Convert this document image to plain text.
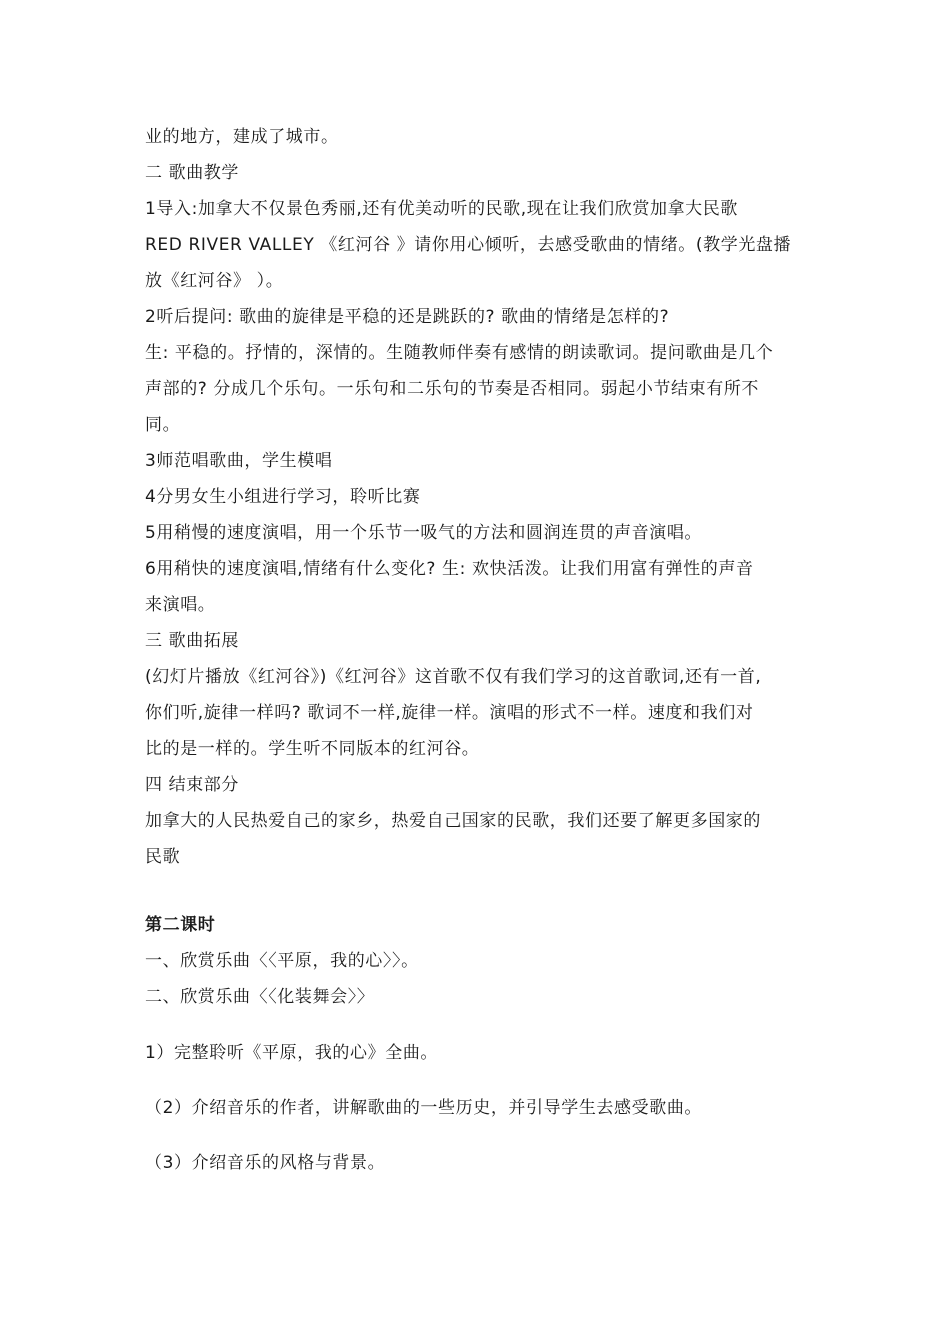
业的地方，建成了城市。
二 歌曲教学
1导入:加拿大不仅景色秀丽,还有优美动听的民歌,现在让我们欣赏加拿大民歌
RED RIVER VALLEY 《红河谷 》请你用心倾听，去感受歌曲的情绪。(教学光盘播
放《红河谷》 ）。
2听后提问: 歌曲的旋律是平稳的还是跳跃的? 歌曲的情绪是怎样的?
生: 平稳的。抒情的，深情的。生随教师伴奏有感情的朗读歌词。提问歌曲是几个
声部的? 分成几个乐句。一乐句和二乐句的节奏是否相同。弱起小节结束有所不
同。
3师范唱歌曲，学生模唱
4分男女生小组进行学习，聆听比赛
5用稍慢的速度演唱，用一个乐节一吸气的方法和圆润连贯的声音演唱。
6用稍快的速度演唱,情绪有什么变化? 生: 欢快活泼。让我们用富有弹性的声音
来演唱。
三 歌曲拓展
(幻灯片播放《红河谷》)《红河谷》这首歌不仅有我们学习的这首歌词,还有一首,
你们听,旋律一样吗? 歌词不一样,旋律一样。演唱的形式不一样。速度和我们对
比的是一样的。学生听不同版本的红河谷。
四 结束部分
加拿大的人民热爱自己的家乡，热爱自己国家的民歌，我们还要了解更多国家的
民歌
第二课时
一、欣赏乐曲〈〈平原，我的心〉〉。
二、欣赏乐曲〈〈化装舞会〉〉
1）完整聆听《平原，我的心》全曲。
（2）介绍音乐的作者，讲解歌曲的一些历史，并引导学生去感受歌曲。
（3）介绍音乐的风格与背景。
